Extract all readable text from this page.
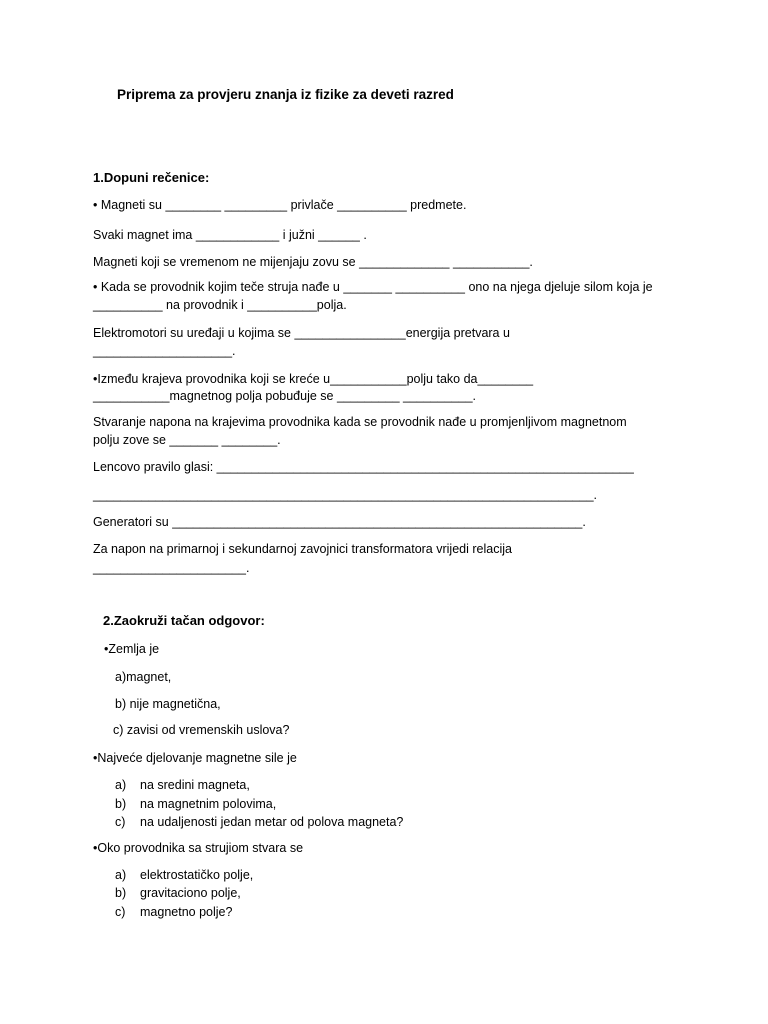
Priprema za provjeru znanja iz fizike za deveti razred
1.Dopuni rečenice:
• Magneti su ________ _________ privlače __________ predmete.
Svaki magnet ima ____________ i južni ______ .
Magneti koji se vremenom ne mijenjaju zovu se _____________ ___________.
• Kada se provodnik kojim teče struja nađe u _______ __________ ono na njega djeluje silom koja je
__________ na provodnik i __________polja.
Elektromotori su uređaji u kojima se ________________energija pretvara u
____________________.
•Između krajeva provodnika koji se kreće u___________polju tako da________
___________magnetnog polja pobuđuje se _________ __________.
Stvaranje napona na krajevima provodnika kada se provodnik nađe u promjenljivom magnetnom
polju zove se _______ ________.
Lencovo pravilo glasi: ____________________________________________________________
________________________________________________________________________.
Generatori su ___________________________________________________________.
Za napon na primarnoj i sekundarnoj zavojnici transformatora vrijedi relacija
______________________.
2.Zaokruži tačan odgovor:
•Zemlja je
a)magnet,
b) nije magnetična,
c) zavisi od vremenskih uslova?
•Najveće djelovanje magnetne sile je
a) na sredini magneta,
b) na magnetnim polovima,
c) na udaljenosti jedan metar od polova magneta?
•Oko provodnika sa strujiom stvara se
a) elektrostatičko polje,
b) gravitaciono polje,
c) magnetno polje?
